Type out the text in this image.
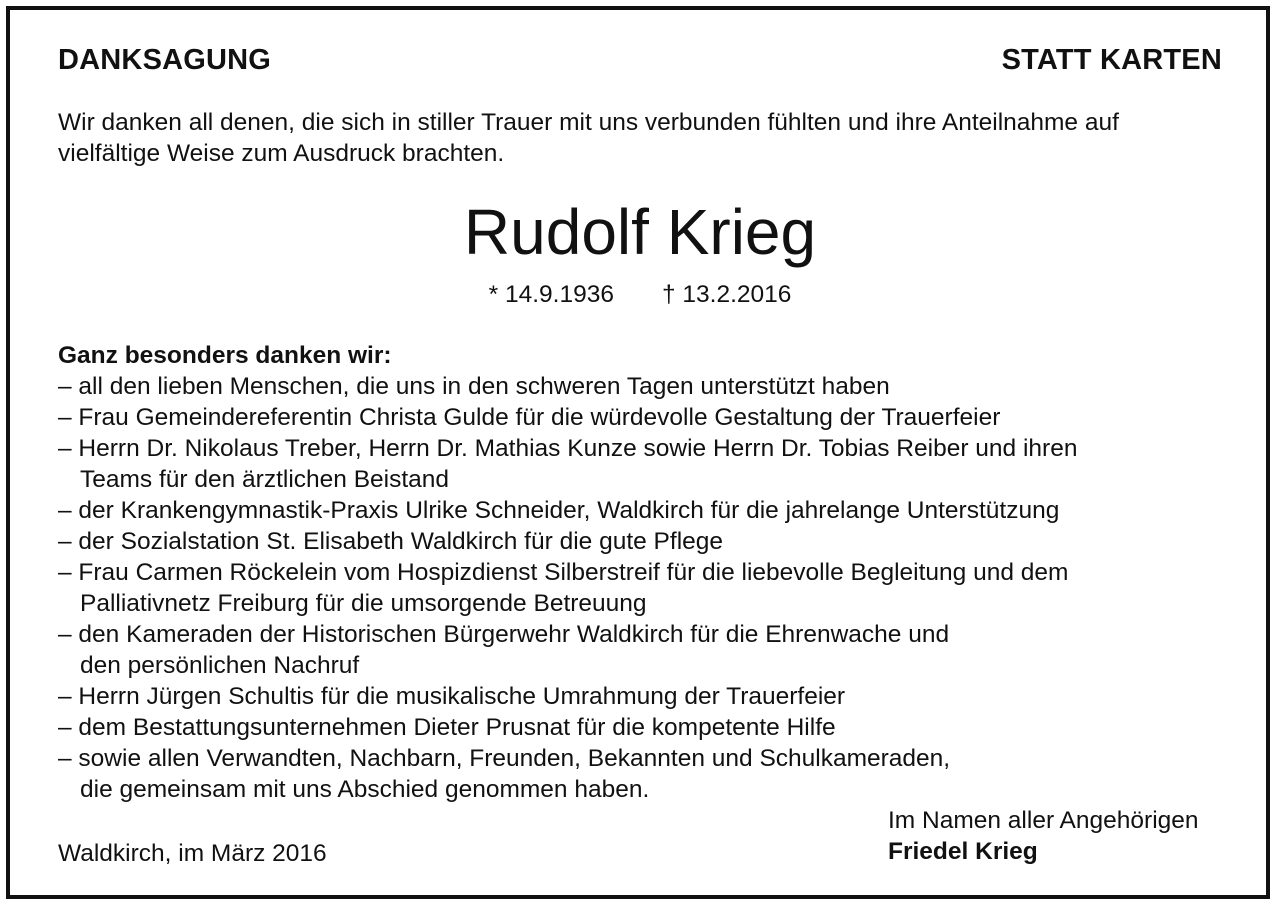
DANKSAGUNG	STATT KARTEN
Wir danken all denen, die sich in stiller Trauer mit uns verbunden fühlten und ihre Anteilnahme auf
vielfältige Weise zum Ausdruck brachten.
Rudolf Krieg
* 14.9.1936 † 13.2.2016
Ganz besonders danken wir:
– all den lieben Menschen, die uns in den schweren Tagen unterstützt haben
– Frau Gemeindereferentin Christa Gulde für die würdevolle Gestaltung der Trauerfeier
– Herrn Dr. Nikolaus Treber, Herrn Dr. Mathias Kunze sowie Herrn Dr. Tobias Reiber und ihren
Teams für den ärztlichen Beistand
– der Krankengymnastik-Praxis Ulrike Schneider, Waldkirch für die jahrelange Unterstützung
– der Sozialstation St. Elisabeth Waldkirch für die gute Pflege
– Frau Carmen Röckelein vom Hospizdienst Silberstreif für die liebevolle Begleitung und dem
Palliativnetz Freiburg für die umsorgende Betreuung
– den Kameraden der Historischen Bürgerwehr Waldkirch für die Ehrenwache und
den persönlichen Nachruf
– Herrn Jürgen Schultis für die musikalische Umrahmung der Trauerfeier
– dem Bestattungsunternehmen Dieter Prusnat für die kompetente Hilfe
– sowie allen Verwandten, Nachbarn, Freunden, Bekannten und Schulkameraden,
die gemeinsam mit uns Abschied genommen haben.
Waldkirch, im März 2016
Im Namen aller Angehörigen
Friedel Krieg
